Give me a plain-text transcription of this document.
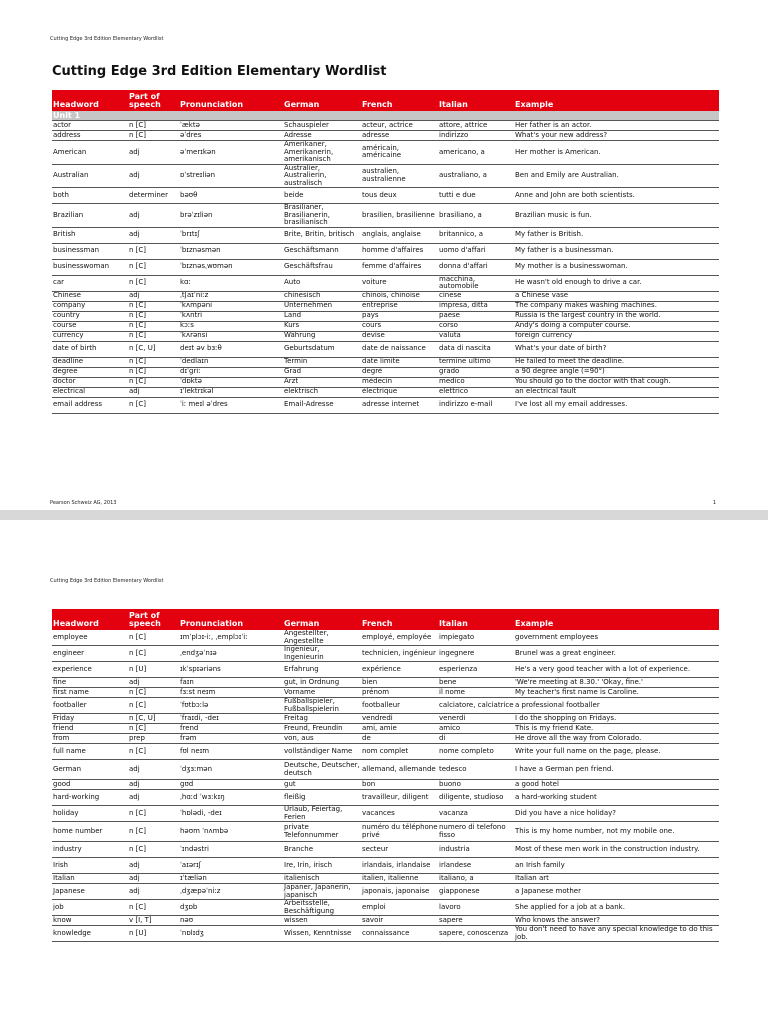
Cutting Edge 3rd Edition Elementary Wordlist
Cutting Edge 3rd Edition Elementary Wordlist
Headword	Part of speech	Pronunciation	German	French	Italian	Example
Unit 1						
actor	n [C]	ˈæktə	Schauspieler	acteur, actrice	attore, attrice	Her father is an actor.
address	n [C]	əˈdres	Adresse	adresse	indirizzo	What's your new address?
American	adj	əˈmerɪkən	Amerikaner, Amerikanerin, amerikanisch	américain, américaine	americano, a	Her mother is American.
Australian	adj	ɒˈstreɪliən	Australier, Australierin, australisch	australien, australienne	australiano, a	Ben and Emily are Australian.
both	determiner	bəʊθ	beide	tous deux	tutti e due	Anne and John are both scientists.
Brazilian	adj	brəˈzɪliən	Brasilianer, Brasilianerin, brasilianisch	brasilien, brasilienne	brasiliano, a	Brazilian music is fun.
British	adj	ˈbrɪtɪʃ	Brite, Britin, britisch	anglais, anglaise	britannico, a	My father is British.
businessman	n [C]	ˈbɪznəsmən	Geschäftsmann	homme d'affaires	uomo d'affari	My father is a businessman.
businesswoman	n [C]	ˈbɪznəsˌwʊmən	Geschäftsfrau	femme d'affaires	donna d'affari	My mother is a businesswoman.
car	n [C]	kɑː	Auto	voiture	macchina, automobile	He wasn't old enough to drive a car.
Chinese	adj	ˌtʃaɪˈniːz	chinesisch	chinois, chinoise	cinese	a Chinese vase
company	n [C]	ˈkʌmpəni	Unternehmen	entreprise	impresa, ditta	The company makes washing machines.
country	n [C]	ˈkʌntri	Land	pays	paese	Russia is the largest country in the world.
course	n [C]	kɔːs	Kurs	cours	corso	Andy's doing a computer course.
currency	n [C]	ˈkʌrənsi	Währung	devise	valuta	foreign currency
date of birth	n [C, U]	deɪt əv bɜːθ	Geburtsdatum	date de naissance	data di nascita	What's your date of birth?
deadline	n [C]	ˈdedlaɪn	Termin	date limite	termine ultimo	He failed to meet the deadline.
degree	n [C]	dɪˈɡriː	Grad	degré	grado	a 90 degree angle (=90°)
doctor	n [C]	ˈdɒktə	Arzt	médecin	medico	You should go to the doctor with that cough.
electrical	adj	ɪˈlektrɪkəl	elektrisch	électrique	elettrico	an electrical fault
email address	n [C]	ˈiː meɪl əˈdres	Email-Adresse	adresse internet	indirizzo e-mail	I've lost all my email addresses.
Pearson Schweiz AG, 2013	1
Cutting Edge 3rd Edition Elementary Wordlist
Headword	Part of speech	Pronunciation	German	French	Italian	Example
employee	n [C]	ɪmˈplɔɪ-iː, ˌemplɔɪˈiː	Angestellter, Angestellte	employé, employée	impiegato	government employees
engineer	n [C]	ˌendʒəˈnɪə	Ingenieur, Ingenieurin	technicien, ingénieur	ingegnere	Brunel was a great engineer.
experience	n [U]	ɪkˈspɪəriəns	Erfahrung	expérience	esperienza	He's a very good teacher with a lot of experience.
fine	adj	faɪn	gut, in Ordnung	bien	bene	'We're meeting at 8.30.' 'Okay, fine.'
first name	n [C]	fɜːst neɪm	Vorname	prénom	il nome	My teacher's first name is Caroline.
footballer	n [C]	ˈfʊtbɔːlə	Fußballspieler, Fußballspielerin	footballeur	calciatore, calciatrice	a professional footballer
Friday	n [C, U]	ˈfraɪdi, -deɪ	Freitag	vendredi	venerdi	I do the shopping on Fridays.
friend	n [C]	frend	Freund, Freundin	ami, amie	amico	This is my friend Kate.
from	prep	frəm	von, aus	de	di	He drove all the way from Colorado.
full name	n [C]	fʊl neɪm	vollständiger Name	nom complet	nome completo	Write your full name on the page, please.
German	adj	ˈdʒɜːmən	Deutsche, Deutscher, deutsch	allemand, allemande	tedesco	I have a German pen friend.
good	adj	ɡʊd	gut	bon	buono	a good hotel
hard-working	adj	ˌhɑːd ˈwɜːkɪŋ	fleißig	travailleur, diligent	diligente, studioso	a hard-working student
holiday	n [C]	ˈhɒlədi, -deɪ	Urlaub, Feiertag, Ferien	vacances	vacanza	Did you have a nice holiday?
home number	n [C]	həʊm ˈnʌmbə	private Telefonnummer	numéro du téléphone privé	numero di telefono fisso	This is my home number, not my mobile one.
industry	n [C]	ˈɪndəstri	Branche	secteur	industria	Most of these men work in the construction industry.
Irish	adj	ˈaɪərɪʃ	Ire, Irin, irisch	irlandais, irlandaise	irlandese	an Irish family
Italian	adj	ɪˈtæliən	italienisch	italien, italienne	italiano, a	Italian art
Japanese	adj	ˌdʒæpəˈniːz	Japaner, Japanerin, japanisch	japonais, japonaise	giapponese	a Japanese mother
job	n [C]	dʒɒb	Arbeitsstelle, Beschäftigung	emploi	lavoro	She applied for a job at a bank.
know	v [I, T]	nəʊ	wissen	savoir	sapere	Who knows the answer?
knowledge	n [U]	ˈnɒlɪdʒ	Wissen, Kenntnisse	connaissance	sapere, conoscenza	You don't need to have any special knowledge to do this job.
